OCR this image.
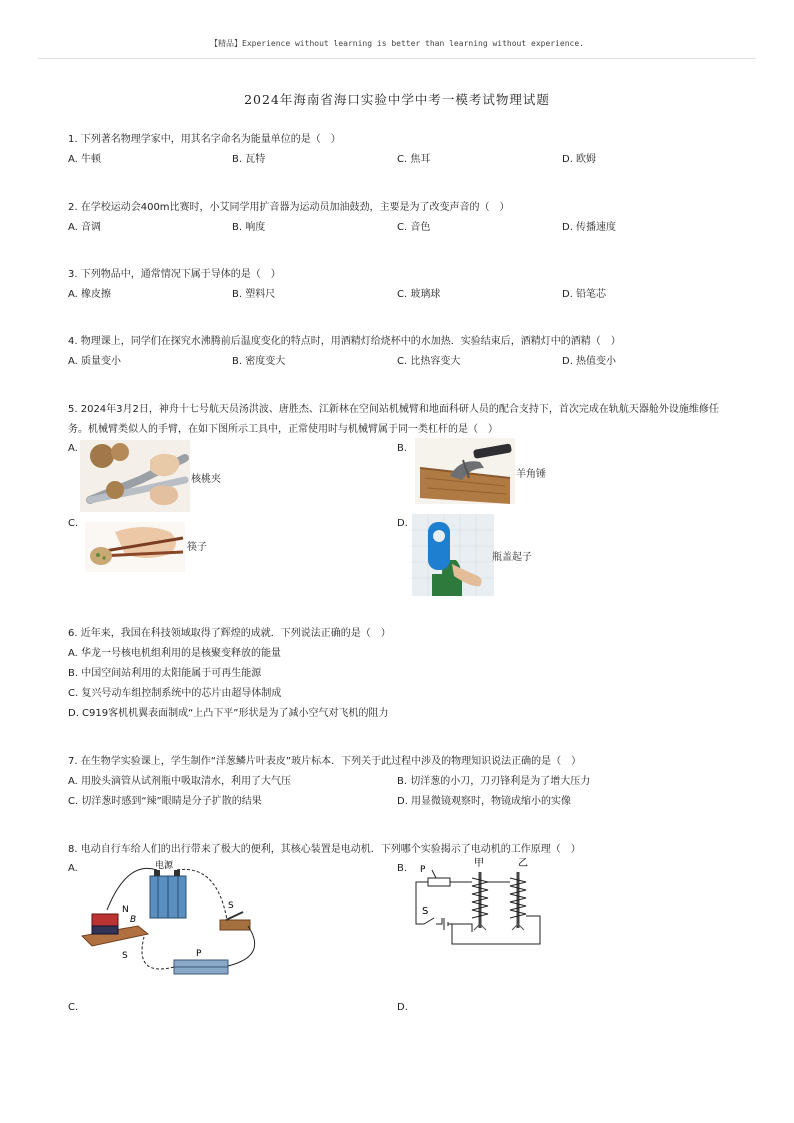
【精品】Experience without learning is better than learning without experience.
2024年海南省海口实验中学中考一模考试物理试题
1. 下列著名物理学家中，用其名字命名为能量单位的是（　）
A. 牛顿	B. 瓦特	C. 焦耳	D. 欧姆
2. 在学校运动会400m比赛时，小艾同学用扩音器为运动员加油鼓劲，主要是为了改变声音的（　）
A. 音调	B. 响度	C. 音色	D. 传播速度
3. 下列物品中，通常情况下属于导体的是（　）
A. 橡皮擦	B. 塑料尺	C. 玻璃球	D. 铅笔芯
4. 物理课上，同学们在探究水沸腾前后温度变化的特点时，用酒精灯给烧杯中的水加热．实验结束后，酒精灯中的酒精（　）
A. 质量变小	B. 密度变大	C. 比热容变大	D. 热值变小
5. 2024年3月2日，神舟十七号航天员汤洪波、唐胜杰、江新林在空间站机械臂和地面科研人员的配合支持下，首次完成在轨航天器舱外设施维修任
务。机械臂类似人的手臂，在如下图所示工具中，正常使用时与机械臂属于同一类杠杆的是（　）
A.
核桃夹
B.
羊角锤
C.
筷子
D.
瓶盖起子
6. 近年来，我国在科技领域取得了辉煌的成就．下列说法正确的是（　）
A. 华龙一号核电机组利用的是核聚变释放的能量
B. 中国空间站利用的太阳能属于可再生能源
C. 复兴号动车组控制系统中的芯片由超导体制成
D. C919客机机翼表面制成“上凸下平”形状是为了减小空气对飞机的阻力
7. 在生物学实验课上，学生制作“洋葱鳞片叶表皮”玻片标本．下列关于此过程中涉及的物理知识说法正确的是（　）
A. 用胶头滴管从试剂瓶中吸取清水，利用了大气压	B. 切洋葱的小刀，刀刃锋利是为了增大压力
C. 切洋葱时感到“辣”眼睛是分子扩散的结果	D. 用显微镜观察时，物镜成缩小的实像
8. 电动自行车给人们的出行带来了极大的便利，其核心装置是电动机．下列哪个实验揭示了电动机的工作原理（　）
A.	B.
电源
N
B
S
S
P
甲	乙
P
S
C.	D.
